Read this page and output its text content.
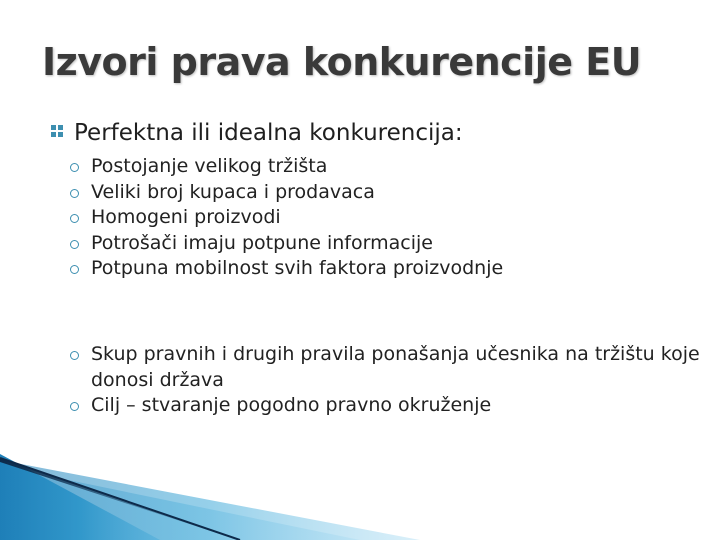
Izvori prava konkurencije EU
Perfektna ili idealna konkurencija:
Postojanje velikog tržišta
Veliki broj kupaca i prodavaca
Homogeni proizvodi
Potrošači imaju potpune informacije
Potpuna mobilnost svih faktora proizvodnje
Skup pravnih i drugih pravila ponašanja učesnika na tržištu koje donosi država
Cilj – stvaranje pogodno pravno okruženje
